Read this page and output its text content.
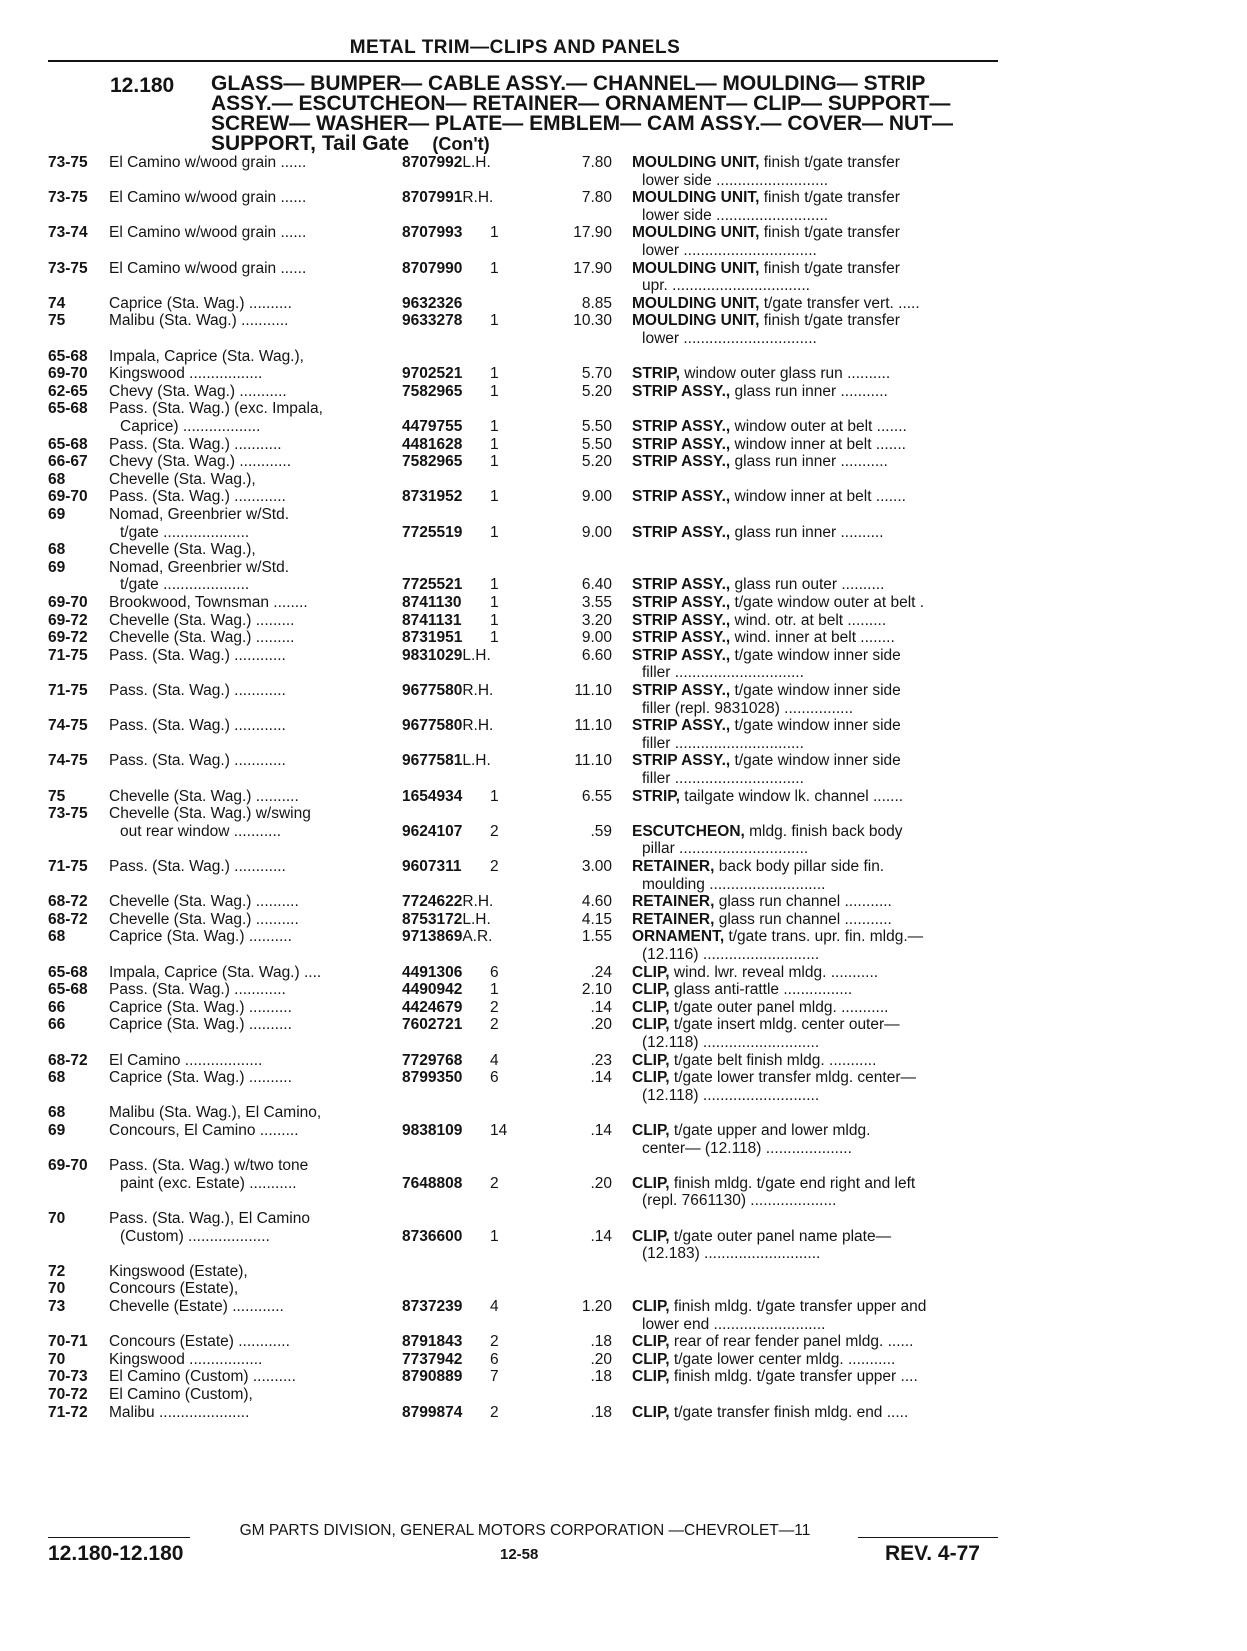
METAL TRIM—CLIPS AND PANELS
12.180 GLASS— BUMPER— CABLE ASSY.— CHANNEL— MOULDING— STRIP
ASSY.— ESCUTCHEON— RETAINER— ORNAMENT— CLIP— SUPPORT—
SCREW— WASHER— PLATE— EMBLEM— CAM ASSY.— COVER— NUT—
SUPPORT, Tail Gate (Con't)
73-75 El Camino w/wood grain ......	8707992L.H.	7.80 MOULDING UNIT, finish t/gate transfer
lower side ..........................
73-75 El Camino w/wood grain ......	8707991R.H.	7.80 MOULDING UNIT, finish t/gate transfer
lower side ..........................
73-74 El Camino w/wood grain ......	8707993 1	17.90 MOULDING UNIT, finish t/gate transfer
lower ...............................
73-75 El Camino w/wood grain ......	8707990 1	17.90 MOULDING UNIT, finish t/gate transfer
upr. ................................
74	Caprice (Sta. Wag.) ..........	9632326	8.85 MOULDING UNIT, t/gate transfer vert. .....
75	Malibu (Sta. Wag.) ...........	9633278 1	10.30 MOULDING UNIT, finish t/gate transfer
lower ...............................
65-68 Impala, Caprice (Sta. Wag.),
69-70 Kingswood .................	9702521 1	5.70 STRIP, window outer glass run ..........
62-65 Chevy (Sta. Wag.) ...........	7582965 1	5.20 STRIP ASSY., glass run inner ...........
65-68 Pass. (Sta. Wag.) (exc. Impala,
Caprice) ..................	4479755 1	5.50 STRIP ASSY., window outer at belt .......
65-68 Pass. (Sta. Wag.) ...........	4481628 1	5.50 STRIP ASSY., window inner at belt .......
66-67 Chevy (Sta. Wag.) ............	7582965 1	5.20 STRIP ASSY., glass run inner ...........
68	Chevelle (Sta. Wag.),
69-70 Pass. (Sta. Wag.) ............	8731952 1	9.00 STRIP ASSY., window inner at belt .......
69	Nomad, Greenbrier w/Std.
t/gate ....................	7725519 1	9.00 STRIP ASSY., glass run inner ..........
68	Chevelle (Sta. Wag.),
69	Nomad, Greenbrier w/Std.
t/gate ....................	7725521 1	6.40 STRIP ASSY., glass run outer ..........
69-70 Brookwood, Townsman ........	8741130 1	3.55 STRIP ASSY., t/gate window outer at belt .
69-72 Chevelle (Sta. Wag.) .........	8741131 1	3.20 STRIP ASSY., wind. otr. at belt .........
69-72 Chevelle (Sta. Wag.) .........	8731951 1	9.00 STRIP ASSY., wind. inner at belt ........
71-75 Pass. (Sta. Wag.) ............	9831029L.H.	6.60 STRIP ASSY., t/gate window inner side
filler ..............................
71-75 Pass. (Sta. Wag.) ............	9677580R.H.	11.10 STRIP ASSY., t/gate window inner side
filler (repl. 9831028) ................
74-75 Pass. (Sta. Wag.) ............	9677580R.H.	11.10 STRIP ASSY., t/gate window inner side
filler ..............................
74-75 Pass. (Sta. Wag.) ............	9677581L.H.	11.10 STRIP ASSY., t/gate window inner side
filler ..............................
75	Chevelle (Sta. Wag.) ..........	1654934 1	6.55 STRIP, tailgate window lk. channel .......
73-75 Chevelle (Sta. Wag.) w/swing
out rear window ...........	9624107 2	.59 ESCUTCHEON, mldg. finish back body
pillar ..............................
71-75 Pass. (Sta. Wag.) ............	9607311 2	3.00 RETAINER, back body pillar side fin.
moulding ...........................
68-72 Chevelle (Sta. Wag.) ..........	7724622R.H.	4.60 RETAINER, glass run channel ...........
68-72 Chevelle (Sta. Wag.) ..........	8753172L.H.	4.15 RETAINER, glass run channel ...........
68	Caprice (Sta. Wag.) ..........	9713869A.R.	1.55 ORNAMENT, t/gate trans. upr. fin. mldg.—
(12.116) ...........................
65-68 Impala, Caprice (Sta. Wag.) ....	4491306 6	.24 CLIP, wind. lwr. reveal mldg. ...........
65-68 Pass. (Sta. Wag.) ............	4490942 1	2.10 CLIP, glass anti-rattle ................
66	Caprice (Sta. Wag.) ..........	4424679 2	.14 CLIP, t/gate outer panel mldg. ...........
66	Caprice (Sta. Wag.) ..........	7602721 2	.20 CLIP, t/gate insert mldg. center outer—
(12.118) ...........................
68-72 El Camino ..................	7729768 4	.23 CLIP, t/gate belt finish mldg. ...........
68	Caprice (Sta. Wag.) ..........	8799350 6	.14 CLIP, t/gate lower transfer mldg. center—
(12.118) ...........................
68	Malibu (Sta. Wag.), El Camino,
69	Concours, El Camino .........	9838109 14	.14 CLIP, t/gate upper and lower mldg.
center— (12.118) ....................
69-70 Pass. (Sta. Wag.) w/two tone
paint (exc. Estate) ...........	7648808 2	.20 CLIP, finish mldg. t/gate end right and left
(repl. 7661130) ....................
70	Pass. (Sta. Wag.), El Camino
(Custom) ...................	8736600 1	.14 CLIP, t/gate outer panel name plate—
(12.183) ...........................
72	Kingswood (Estate),
70	Concours (Estate),
73	Chevelle (Estate) ............	8737239 4	1.20 CLIP, finish mldg. t/gate transfer upper and
lower end ..........................
70-71 Concours (Estate) ............	8791843 2	.18 CLIP, rear of rear fender panel mldg. ......
70	Kingswood .................	7737942 6	.20 CLIP, t/gate lower center mldg. ...........
70-73 El Camino (Custom) ..........	8790889 7	.18 CLIP, finish mldg. t/gate transfer upper ....
70-72 El Camino (Custom),
71-72 Malibu .....................	8799874 2	.18 CLIP, t/gate transfer finish mldg. end .....
GM PARTS DIVISION, GENERAL MOTORS CORPORATION —CHEVROLET—11
12.180-12.180	12-58	REV. 4-77
